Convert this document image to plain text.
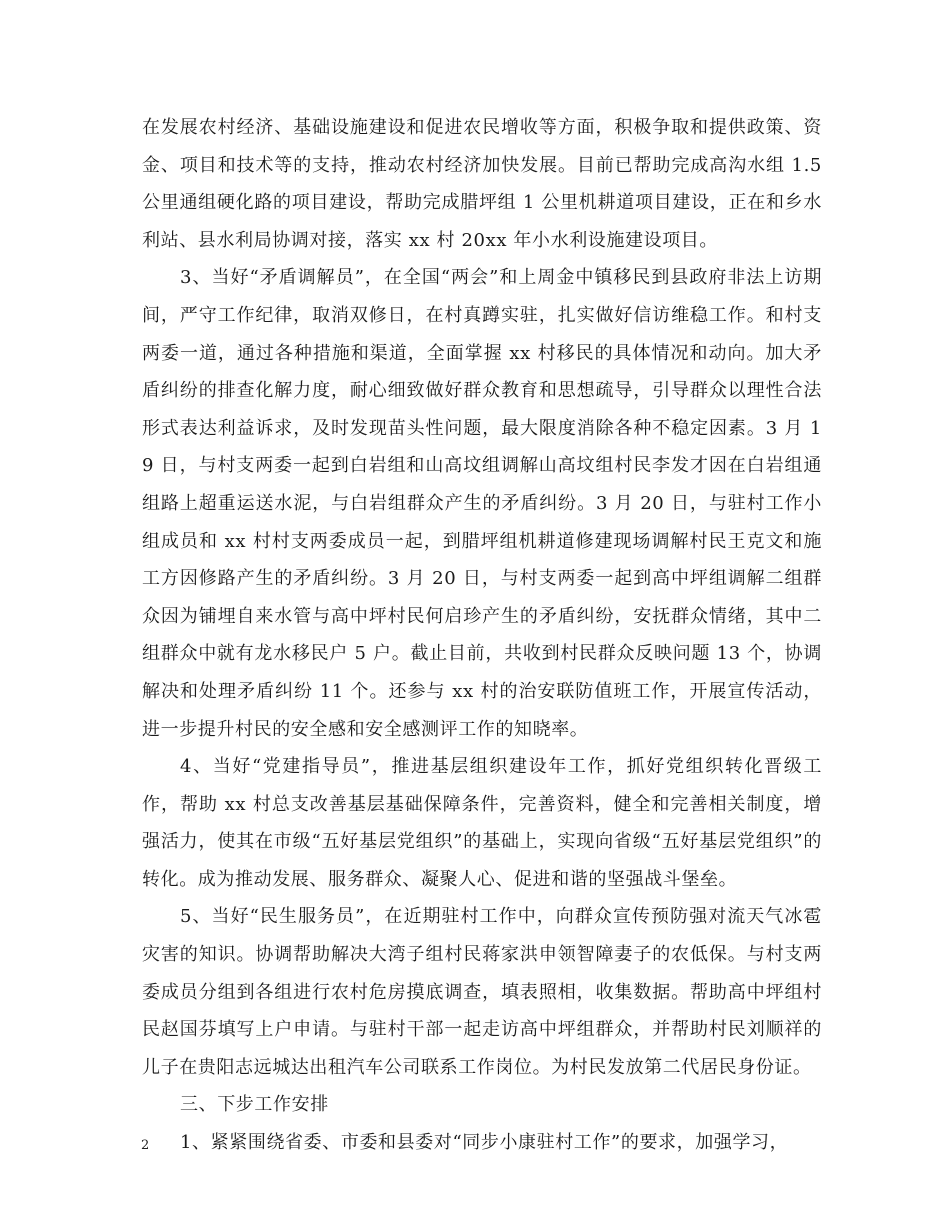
在发展农村经济、基础设施建设和促进农民增收等方面，积极争取和提供政策、资金、项目和技术等的支持，推动农村经济加快发展。目前已帮助完成高沟水组 1.5 公里通组硬化路的项目建设，帮助完成腊坪组 1 公里机耕道项目建设，正在和乡水利站、县水利局协调对接，落实 xx 村 20xx 年小水利设施建设项目。

3、当好“矛盾调解员”，在全国“两会”和上周金中镇移民到县政府非法上访期间，严守工作纪律，取消双修日，在村真蹲实驻，扎实做好信访维稳工作。和村支两委一道，通过各种措施和渠道，全面掌握 xx 村移民的具体情况和动向。加大矛盾纠纷的排查化解力度，耐心细致做好群众教育和思想疏导，引导群众以理性合法形式表达利益诉求，及时发现苗头性问题，最大限度消除各种不稳定因素。3 月 19 日，与村支两委一起到白岩组和山高坟组调解山高坟组村民李发才因在白岩组通组路上超重运送水泥，与白岩组群众产生的矛盾纠纷。3 月 20 日，与驻村工作小组成员和 xx 村村支两委成员一起，到腊坪组机耕道修建现场调解村民王克文和施工方因修路产生的矛盾纠纷。3 月 20 日，与村支两委一起到高中坪组调解二组群众因为铺埋自来水管与高中坪村民何启珍产生的矛盾纠纷，安抚群众情绪，其中二组群众中就有龙水移民户 5 户。截止目前，共收到村民群众反映问题 13 个，协调解决和处理矛盾纠纷 11 个。还参与 xx 村的治安联防值班工作，开展宣传活动，进一步提升村民的安全感和安全感测评工作的知晓率。

4、当好“党建指导员”，推进基层组织建设年工作，抓好党组织转化晋级工作，帮助 xx 村总支改善基层基础保障条件，完善资料，健全和完善相关制度，增强活力，使其在市级“五好基层党组织”的基础上，实现向省级“五好基层党组织”的转化。成为推动发展、服务群众、凝聚人心、促进和谐的坚强战斗堡垒。

5、当好“民生服务员”，在近期驻村工作中，向群众宣传预防强对流天气冰雹灾害的知识。协调帮助解决大湾子组村民蒋家洪申领智障妻子的农低保。与村支两委成员分组到各组进行农村危房摸底调查，填表照相，收集数据。帮助高中坪组村民赵国芬填写上户申请。与驻村干部一起走访高中坪组群众，并帮助村民刘顺祥的儿子在贵阳志远城达出租汽车公司联系工作岗位。为村民发放第二代居民身份证。

三、下步工作安排

1、紧紧围绕省委、市委和县委对“同步小康驻村工作”的要求，加强学习，

2
